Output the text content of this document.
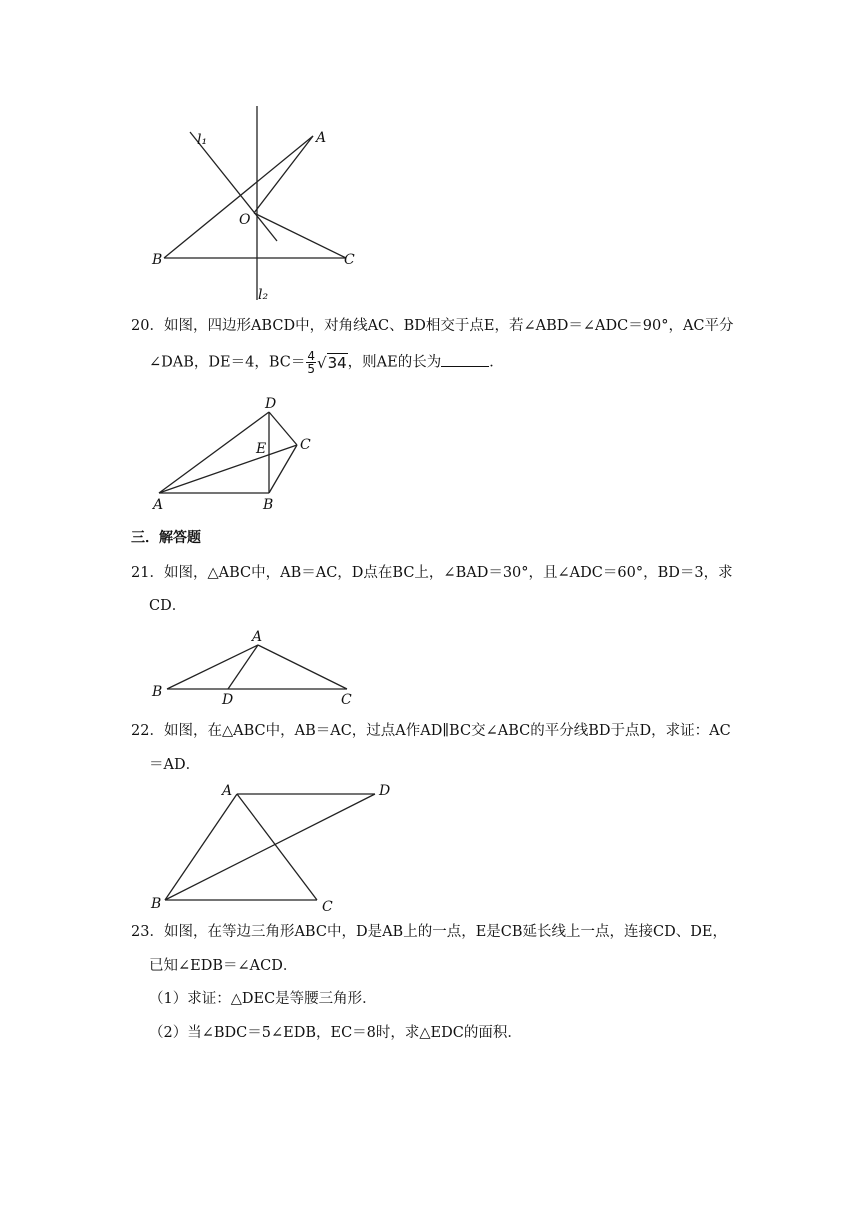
l₁	A
O
B	C
l₂
20．如图，四边形ABCD中，对角线AC、BD相交于点E，若∠ABD＝∠ADC＝90°，AC平分
∠DAB，DE＝4，$BC= \frac{4}{5} √34$，则AE的长为	．
D
E C
A	B
三．解答题
21．如图，△ABC中，AB＝AC，D点在BC上，∠BAD＝30°，且∠ADC＝60°，BD＝3，求
CD．
A
B	D	C
22．如图，在△ABC中，AB＝AC，过点A作AD∥BC交∠ABC的平分线BD于点D，求证：AC
＝AD．
A	D
B	C
23．如图，在等边三角形ABC中，D是AB上的一点，E是CB延长线上一点，连接CD、DE，
已知∠EDB＝∠ACD．
（1）求证：△DEC是等腰三角形．
（2）当∠BDC＝5∠EDB，EC＝8时，求△EDC的面积．
